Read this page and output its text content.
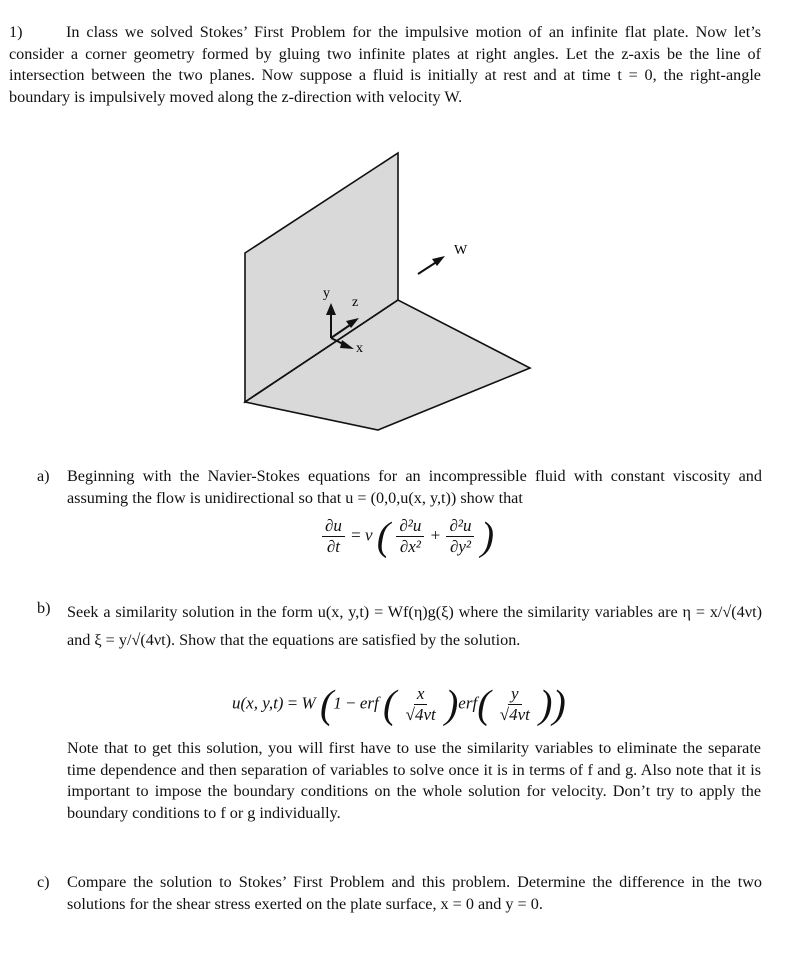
1)	In class we solved Stokes’ First Problem for the impulsive motion of an infinite flat plate. Now let’s consider a corner geometry formed by gluing two infinite plates at right angles. Let the z-axis be the line of intersection between the two planes. Now suppose a fluid is initially at rest and at time t = 0, the right-angle boundary is impulsively moved along the z-direction with velocity W.
W
y
z
x
a) Beginning with the Navier-Stokes equations for an incompressible fluid with constant viscosity and assuming the flow is unidirectional so that u = (0,0,u(x, y,t)) show that
$\frac{\partial u}{\partial t} = \nu$ ( $\frac{\text{∂²u}}{\text{∂x²}} + \frac{\text{∂²u}}{\text{∂y²}}$ )
b) Seek a similarity solution in the form u(x, y,t) = Wf(η)g(ξ) where the similarity variables are η = x/√(4νt) and ξ = y/√(4νt). Show that the equations are satisfied by the solution.
u(x, y,t) = W (1 − erf ( $\frac{x}{√4\nu t} )erf( \frac{y}{√4\nu t}$ ))
Note that to get this solution, you will first have to use the similarity variables to eliminate the separate time dependence and then separation of variables to solve once it is in terms of f and g. Also note that it is important to impose the boundary conditions on the whole solution for velocity. Don’t try to apply the boundary conditions to f or g individually.
c) Compare the solution to Stokes’ First Problem and this problem. Determine the difference in the two solutions for the shear stress exerted on the plate surface, x = 0 and y = 0.
